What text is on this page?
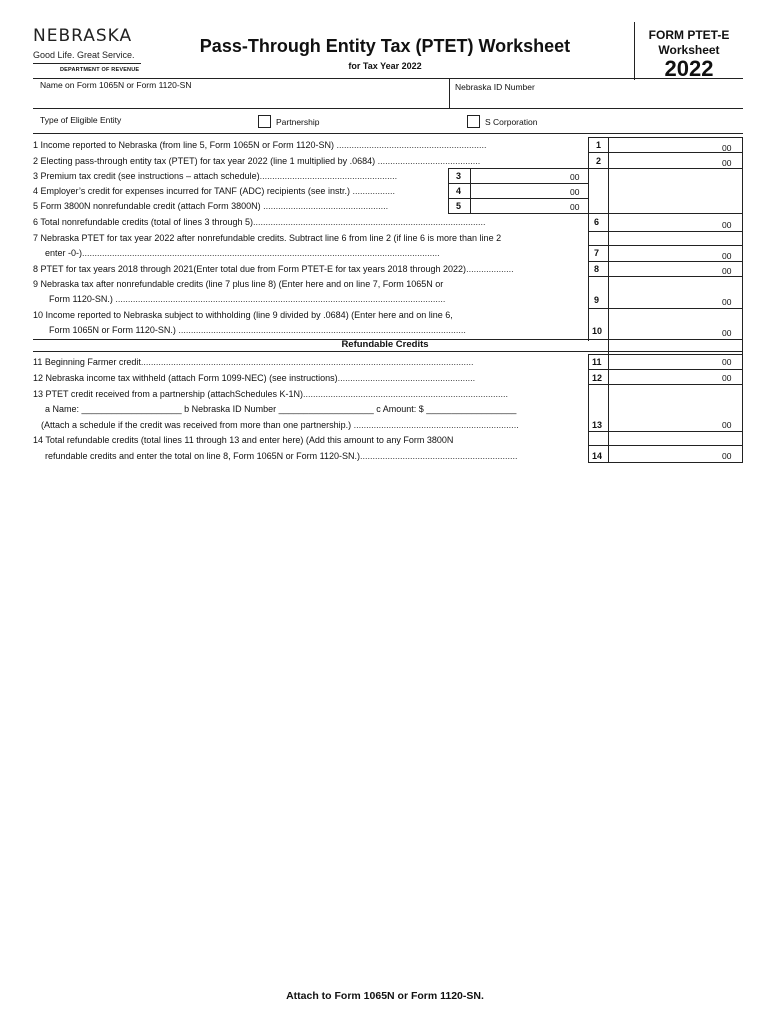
NEBRASKA
Good Life. Great Service.
DEPARTMENT OF REVENUE
Pass-Through Entity Tax (PTET) Worksheet
for Tax Year 2022
FORM PTET-E
Worksheet
2022
Name on Form 1065N or Form 1120-SN	Nebraska ID Number
Type of Eligible Entity	Partnership	S Corporation
1 Income reported to Nebraska (from line 5, Form 1065N or Form 1120-SN) ............................................................	1	00
2 Electing pass-through entity tax (PTET) for tax year 2022 (line 1 multiplied by .0684) .........................................	2	00
3 Premium tax credit (see instructions – attach schedule).......................................................	3	00
4 Employer’s credit for expenses incurred for TANF (ADC) recipients (see instr.) .................	4	00
5 Form 3800N nonrefundable credit (attach Form 3800N) ..................................................	5	00
6 Total nonrefundable credits (total of lines 3 through 5).............................................................................................	6	00
7 Nebraska PTET for tax year 2022 after nonrefundable credits. Subtract line 6 from line 2 (if line 6 is more than line 2
enter -0-)...............................................................................................................................................	7	00
8 PTET for tax years 2018 through 2021(Enter total due from Form PTET-E for tax years 2018 through 2022)...................	8	00
9 Nebraska tax after nonrefundable credits (line 7 plus line 8) (Enter here and on line 7, Form 1065N or
Form 1120-SN.) ....................................................................................................................................	9	00
10 Income reported to Nebraska subject to withholding (line 9 divided by .0684) (Enter here and on line 6,
Form 1065N or Form 1120-SN.) ...................................................................................................................	10	00
Refundable Credits
11 Beginning Farmer credit.....................................................................................................................................	11	00
12 Nebraska income tax withheld (attach Form 1099-NEC) (see instructions).......................................................	12	00
13 PTET credit received from a partnership (attachSchedules K-1N)..................................................................................
a Name: ____________________ b Nebraska ID Number ___________________ c Amount: $ __________________
(Attach a schedule if the credit was received from more than one partnership.) ..................................................................	13	00
14 Total refundable credits (total lines 11 through 13 and enter here) (Add this amount to any Form 3800N
refundable credits and enter the total on line 8, Form 1065N or Form 1120-SN.)...............................................................	14	00
Attach to Form 1065N or Form 1120-SN.
